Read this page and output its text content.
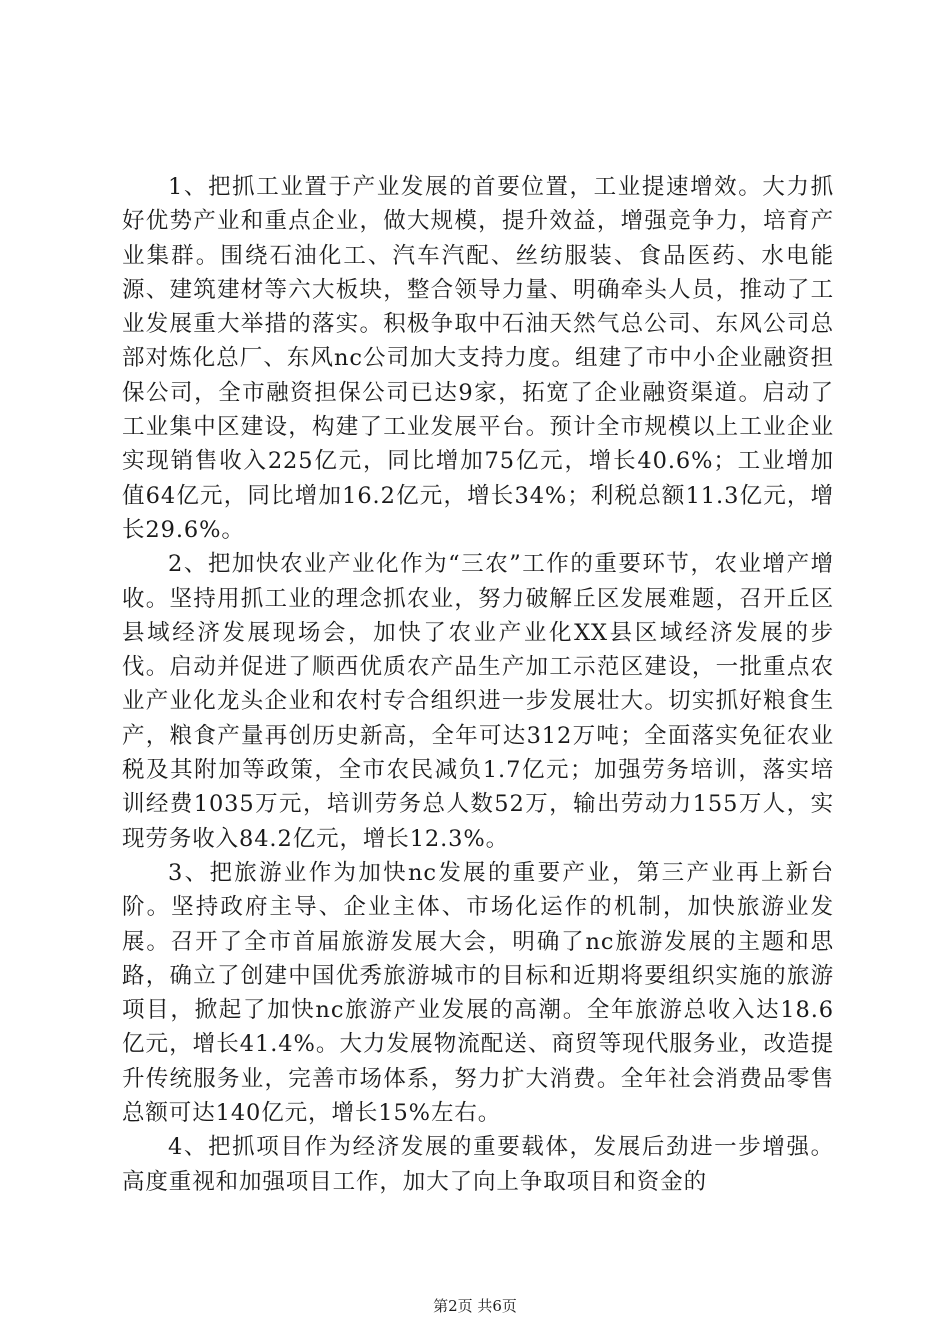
1、把抓工业置于产业发展的首要位置，工业提速增效。大力抓好优势产业和重点企业，做大规模，提升效益，增强竞争力，培育产业集群。围绕石油化工、汽车汽配、丝纺服装、食品医药、水电能源、建筑建材等六大板块，整合领导力量、明确牵头人员，推动了工业发展重大举措的落实。积极争取中石油天然气总公司、东风公司总部对炼化总厂、东风nc公司加大支持力度。组建了市中小企业融资担保公司，全市融资担保公司已达9家，拓宽了企业融资渠道。启动了工业集中区建设，构建了工业发展平台。预计全市规模以上工业企业实现销售收入225亿元，同比增加75亿元，增长40.6%；工业增加值64亿元，同比增加16.2亿元，增长34%；利税总额11.3亿元，增长29.6%。

2、把加快农业产业化作为“三农”工作的重要环节，农业增产增收。坚持用抓工业的理念抓农业，努力破解丘区发展难题，召开丘区县域经济发展现场会，加快了农业产业化XX县区域经济发展的步伐。启动并促进了顺西优质农产品生产加工示范区建设，一批重点农业产业化龙头企业和农村专合组织进一步发展壮大。切实抓好粮食生产，粮食产量再创历史新高，全年可达312万吨；全面落实免征农业税及其附加等政策，全市农民减负1.7亿元；加强劳务培训，落实培训经费1035万元，培训劳务总人数52万，输出劳动力155万人，实现劳务收入84.2亿元，增长12.3%。

3、把旅游业作为加快nc发展的重要产业，第三产业再上新台阶。坚持政府主导、企业主体、市场化运作的机制，加快旅游业发展。召开了全市首届旅游发展大会，明确了nc旅游发展的主题和思路，确立了创建中国优秀旅游城市的目标和近期将要组织实施的旅游项目，掀起了加快nc旅游产业发展的高潮。全年旅游总收入达18.6亿元，增长41.4%。大力发展物流配送、商贸等现代服务业，改造提升传统服务业，完善市场体系，努力扩大消费。全年社会消费品零售总额可达140亿元，增长15%左右。

4、把抓项目作为经济发展的重要载体，发展后劲进一步增强。高度重视和加强项目工作，加大了向上争取项目和资金的

第2页 共6页
